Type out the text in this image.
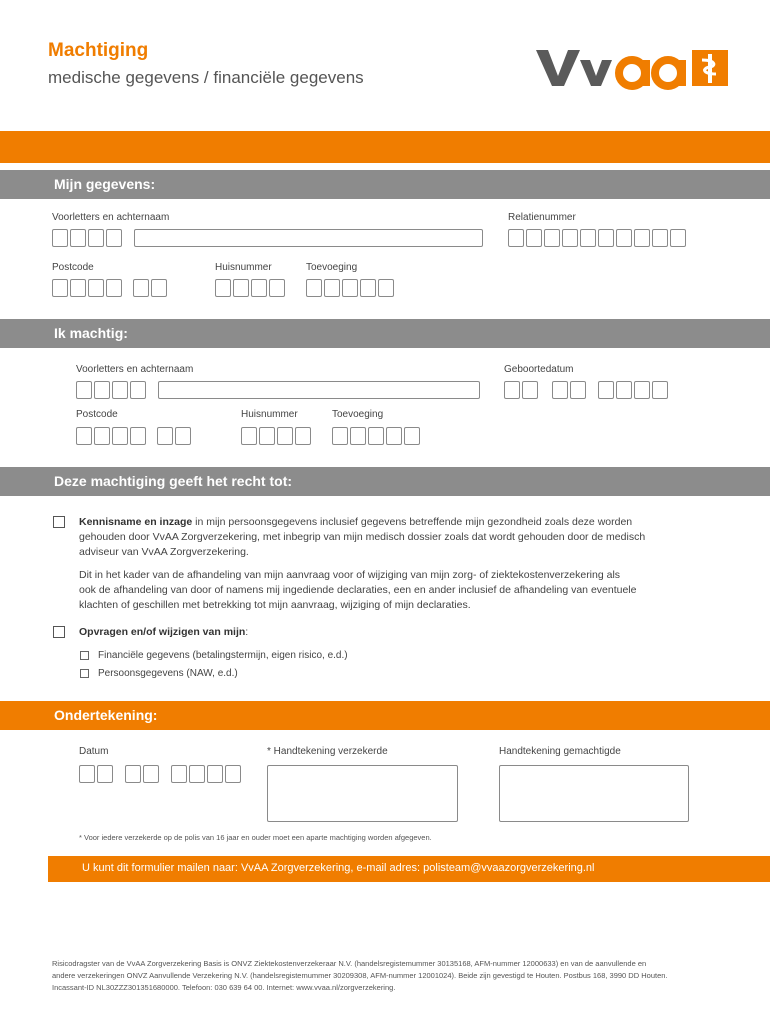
Machtiging
medische gegevens / financiële gegevens
Mijn gegevens:
Voorletters en achternaam	Relatienummer
Postcode	Huisnummer	Toevoeging
Ik machtig:
Voorletters en achternaam	Geboortedatum
Postcode	Huisnummer	Toevoeging
Deze machtiging geeft het recht tot:
Kennisname en inzage in mijn persoonsgegevens inclusief gegevens betreffende mijn gezondheid zoals deze worden
gehouden door VvAA Zorgverzekering, met inbegrip van mijn medisch dossier zoals dat wordt gehouden door de medisch
adviseur van VvAA Zorgverzekering.
Dit in het kader van de afhandeling van mijn aanvraag voor of wijziging van mijn zorg- of ziektekostenverzekering als
ook de afhandeling van door of namens mij ingediende declaraties, een en ander inclusief de afhandeling van eventuele
klachten of geschillen met betrekking tot mijn aanvraag, wijziging of mijn declaraties.
Opvragen en/of wijzigen van mijn:
Financiële gegevens (betalingstermijn, eigen risico, e.d.)
Persoonsgegevens (NAW, e.d.)
Ondertekening:
Datum	* Handtekening verzekerde	Handtekening gemachtigde
* Voor iedere verzekerde op de polis van 16 jaar en ouder moet een aparte machtiging worden afgegeven.
U kunt dit formulier mailen naar: VvAA Zorgverzekering, e-mail adres: polisteam@vvaazorgverzekering.nl
Risicodragster van de VvAA Zorgverzekering Basis is ONVZ Ziektekostenverzekeraar N.V. (handelsregistemummer 30135168, AFM-nummer 12000633) en van de aanvullende en
andere verzekeringen ONVZ Aanvullende Verzekering N.V. (handelsregistemummer 30209308, AFM-nummer 12001024). Beide zijn gevestigd te Houten. Postbus 168, 3990 DD Houten.
Incassant-ID NL30ZZZ301351680000. Telefoon: 030 639 64 00. Internet: www.vvaa.nl/zorgverzekering.
